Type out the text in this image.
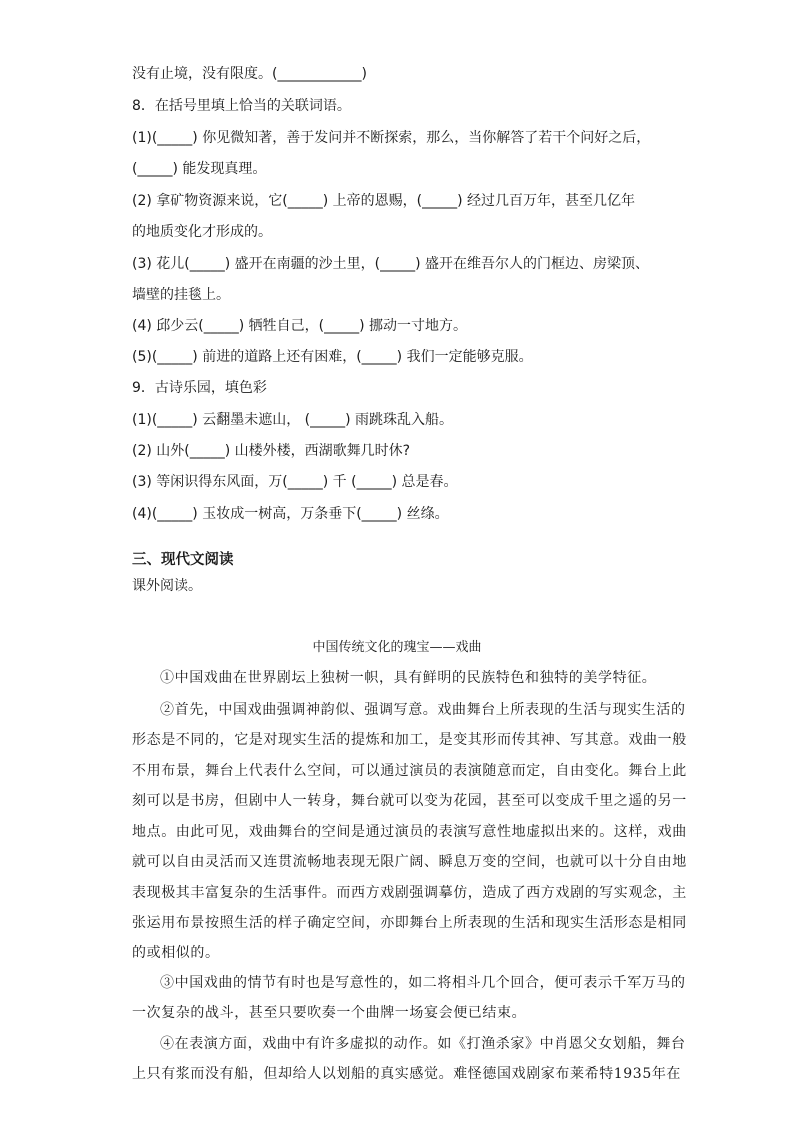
没有止境，没有限度。(____________)
8．在括号里填上恰当的关联词语。
(1)(_____) 你见微知著，善于发问并不断探索，那么，当你解答了若干个问好之后，
(_____) 能发现真理。
(2) 拿矿物资源来说，它(_____) 上帝的恩赐，(_____) 经过几百万年，甚至几亿年
的地质变化才形成的。
(3) 花儿(_____) 盛开在南疆的沙土里，(_____) 盛开在维吾尔人的门框边、房梁顶、
墙壁的挂毯上。
(4) 邱少云(_____) 牺牲自己，(_____) 挪动一寸地方。
(5)(_____) 前进的道路上还有困难，(_____) 我们一定能够克服。
9．古诗乐园，填色彩
(1)(_____) 云翻墨未遮山， (_____) 雨跳珠乱入船。
(2) 山外(_____) 山楼外楼，西湖歌舞几时休?
(3) 等闲识得东风面，万(_____) 千 (_____) 总是春。
(4)(_____) 玉妆成一树高，万条垂下(_____) 丝绦。
三、现代文阅读
课外阅读。
中国传统文化的瑰宝——戏曲
①中国戏曲在世界剧坛上独树一帜，具有鲜明的民族特色和独特的美学特征。
②首先，中国戏曲强调神韵似、强调写意。戏曲舞台上所表现的生活与现实生活的
形态是不同的，它是对现实生活的提炼和加工，是变其形而传其神、写其意。戏曲一般
不用布景，舞台上代表什么空间，可以通过演员的表演随意而定，自由变化。舞台上此
刻可以是书房，但剧中人一转身，舞台就可以变为花园，甚至可以变成千里之遥的另一
地点。由此可见，戏曲舞台的空间是通过演员的表演写意性地虚拟出来的。这样，戏曲
就可以自由灵活而又连贯流畅地表现无限广阔、瞬息万变的空间，也就可以十分自由地
表现极其丰富复杂的生活事件。而西方戏剧强调摹仿，造成了西方戏剧的写实观念，主
张运用布景按照生活的样子确定空间，亦即舞台上所表现的生活和现实生活形态是相同
的或相似的。
③中国戏曲的情节有时也是写意性的，如二将相斗几个回合，便可表示千军万马的
一次复杂的战斗，甚至只要吹奏一个曲牌一场宴会便已结束。
④在表演方面，戏曲中有许多虚拟的动作。如《打渔杀家》中肖恩父女划船，舞台
上只有浆而没有船，但却给人以划船的真实感觉。难怪德国戏剧家布莱希特1935年在
